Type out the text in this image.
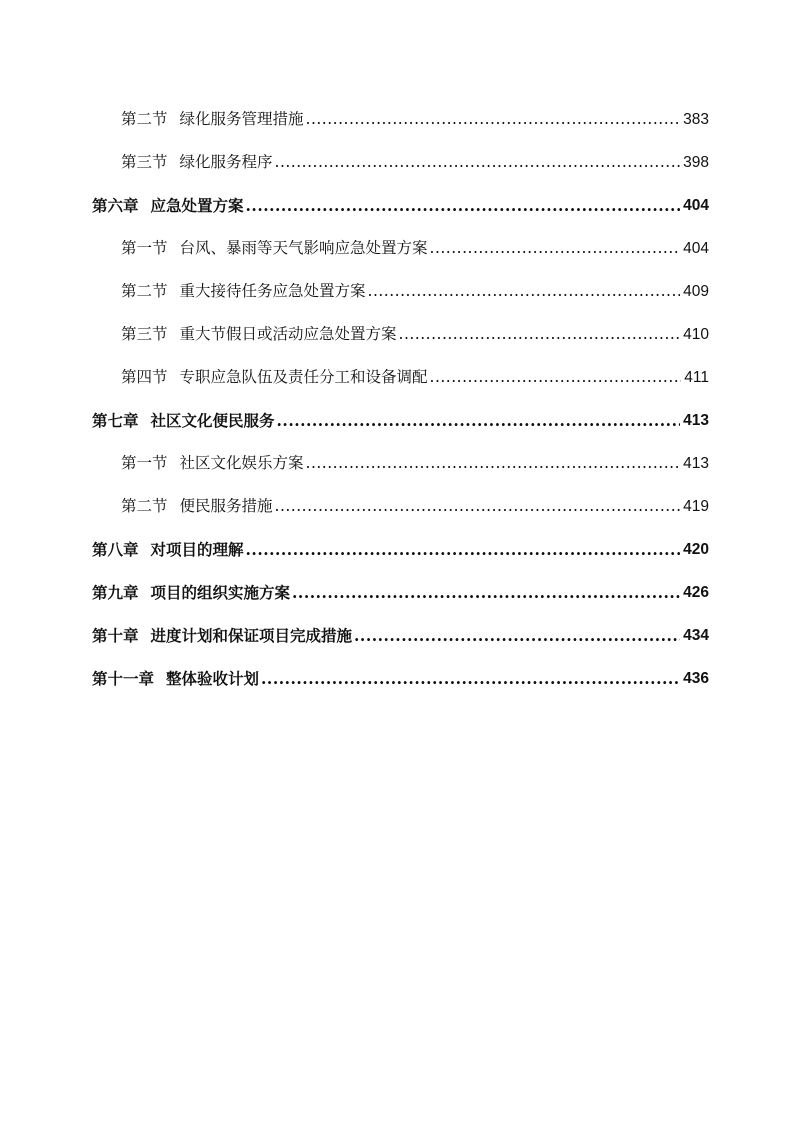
第二节 绿化服务管理措施 .....	383
第三节 绿化服务程序 .....	398
第六章 应急处置方案 .....	404
第一节 台风、暴雨等天气影响应急处置方案 .....	404
第二节 重大接待任务应急处置方案 .....	409
第三节 重大节假日或活动应急处置方案 .....	410
第四节 专职应急队伍及责任分工和设备调配 .....	411
第七章 社区文化便民服务 .....	413
第一节 社区文化娱乐方案 .....	413
第二节 便民服务措施 .....	419
第八章 对项目的理解 .....	420
第九章 项目的组织实施方案 .....	426
第十章 进度计划和保证项目完成措施 .....	434
第十一章 整体验收计划 .....	436
